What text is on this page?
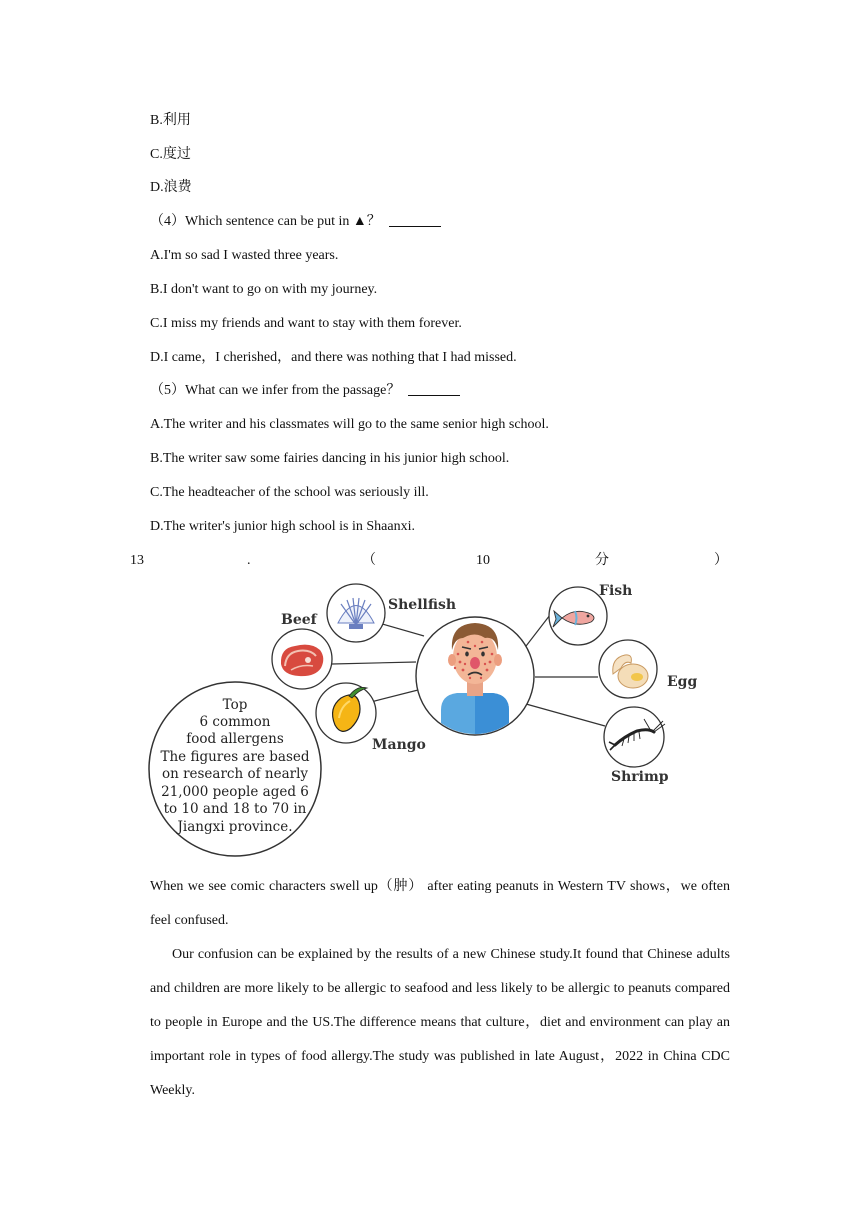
B.利用
C.度过
D.浪费
（4）Which sentence can be put in ▲？
A.I'm so sad I wasted three years.
B.I don't want to go on with my journey.
C.I miss my friends and want to stay with them forever.
D.I came，I cherished，and there was nothing that I had missed.
（5）What can we infer from the passage？
A.The writer and his classmates will go to the same senior high school.
B.The writer saw some fairies dancing in his junior high school.
C.The headteacher of the school was seriously ill.
D.The writer's junior high school is in Shaanxi.
13	.	（	10	分	）
Shellfish
Beef
Mango
Fish
Egg
Shrimp
Top
6 common
food allergens
The figures are based
on research of nearly
21,000 people aged 6
to 10 and 18 to 70 in
Jiangxi province.
When we see comic characters swell up（肿） after eating peanuts in Western TV shows，we often feel confused.
Our confusion can be explained by the results of a new Chinese study.It found that Chinese adults and children are more likely to be allergic to seafood and less likely to be allergic to peanuts compared to people in Europe and the US.The difference means that culture，diet and environment can play an important role in types of food allergy.The study was published in late August，2022 in China CDC Weekly.
